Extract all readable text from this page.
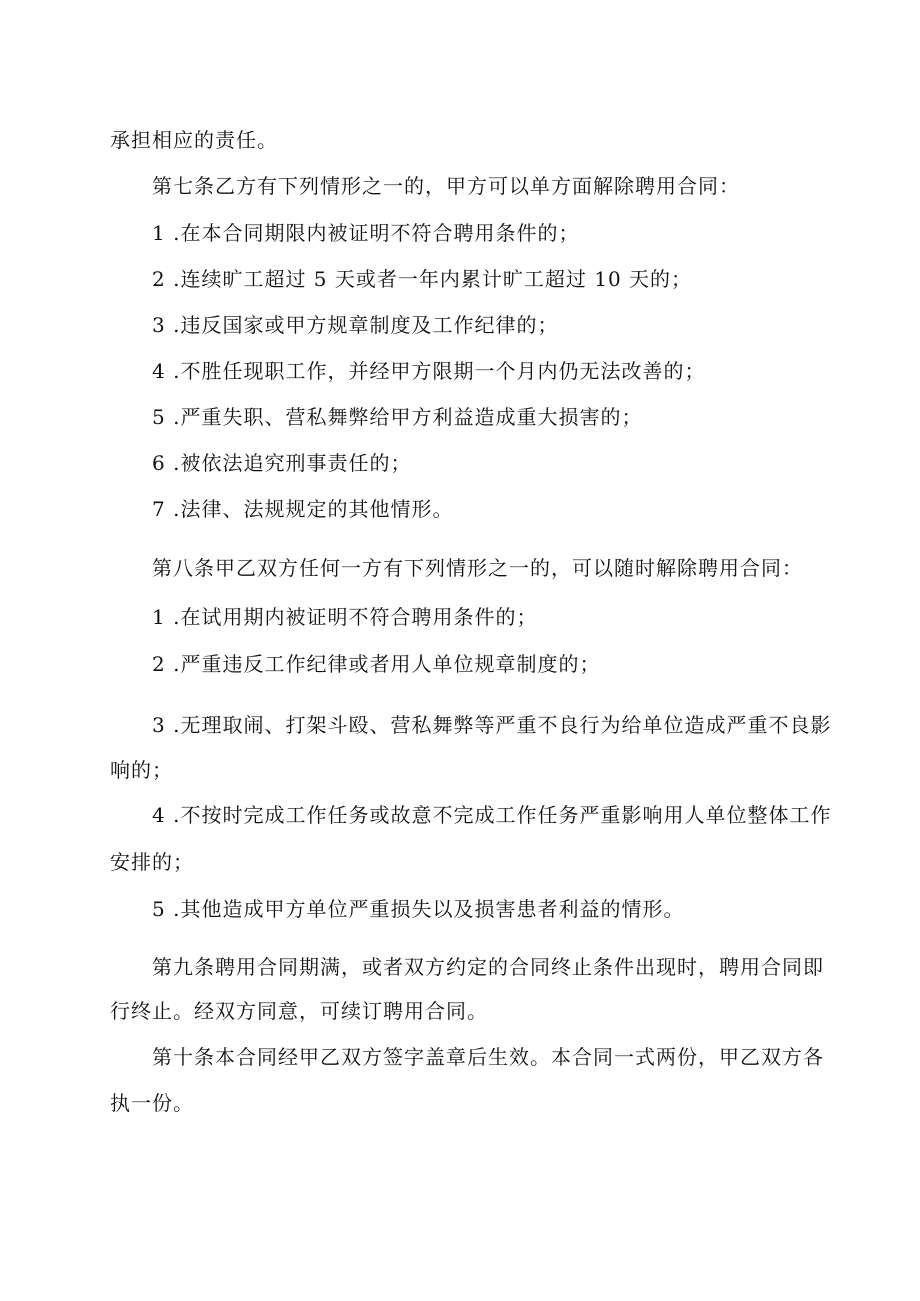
承担相应的责任。
第七条乙方有下列情形之一的，甲方可以单方面解除聘用合同：
1 .在本合同期限内被证明不符合聘用条件的；
2 .连续旷工超过 5 天或者一年内累计旷工超过 10 天的；
3 .违反国家或甲方规章制度及工作纪律的；
4 .不胜任现职工作，并经甲方限期一个月内仍无法改善的；
5 .严重失职、营私舞弊给甲方利益造成重大损害的；
6 .被依法追究刑事责任的；
7 .法律、法规规定的其他情形。
第八条甲乙双方任何一方有下列情形之一的，可以随时解除聘用合同：
1 .在试用期内被证明不符合聘用条件的；
2 .严重违反工作纪律或者用人单位规章制度的；
3 .无理取闹、打架斗殴、营私舞弊等严重不良行为给单位造成严重不良影
响的；
4 .不按时完成工作任务或故意不完成工作任务严重影响用人单位整体工作
安排的；
5 .其他造成甲方单位严重损失以及损害患者利益的情形。
第九条聘用合同期满，或者双方约定的合同终止条件出现时，聘用合同即
行终止。经双方同意，可续订聘用合同。
第十条本合同经甲乙双方签字盖章后生效。本合同一式两份，甲乙双方各
执一份。
